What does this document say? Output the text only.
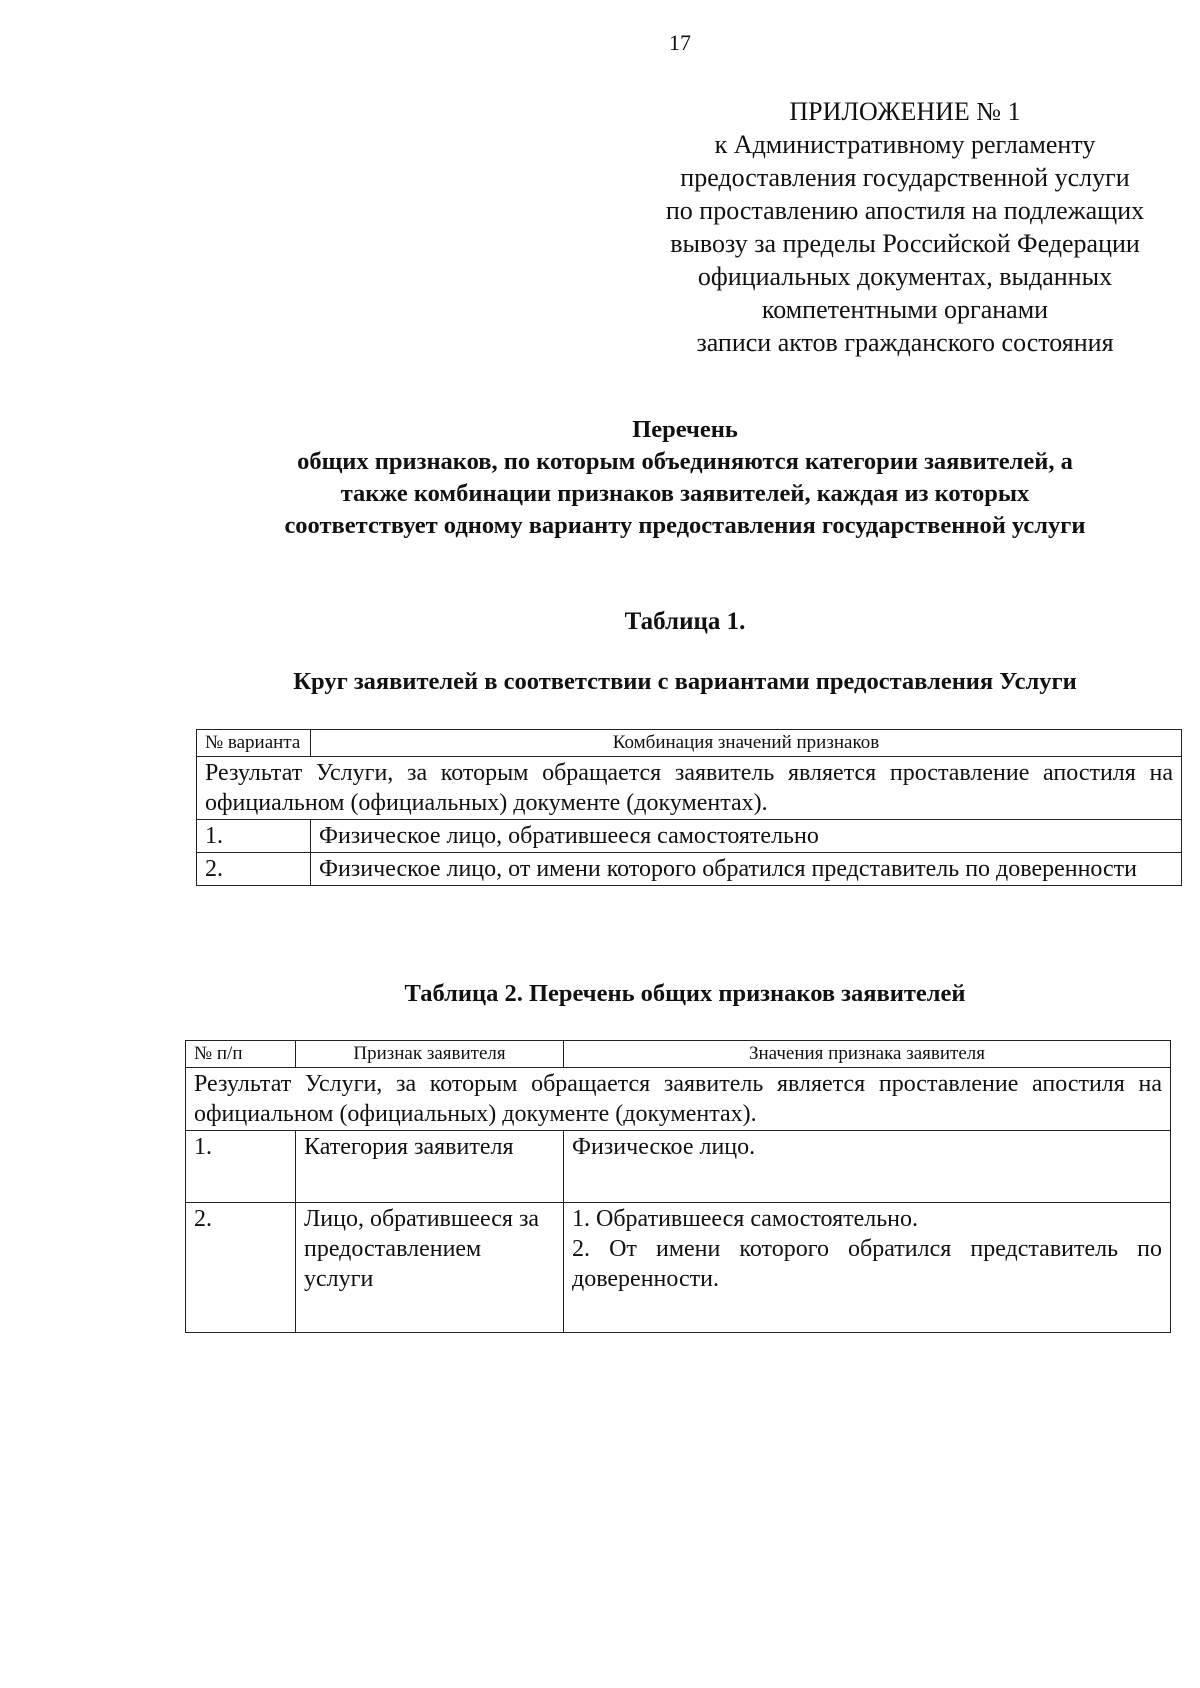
17
ПРИЛОЖЕНИЕ № 1
к Административному регламенту
предоставления государственной услуги
по проставлению апостиля на подлежащих
вывозу за пределы Российской Федерации
официальных документах, выданных
компетентными органами
записи актов гражданского состояния
Перечень
общих признаков, по которым объединяются категории заявителей, а
также комбинации признаков заявителей, каждая из которых
соответствует одному варианту предоставления государственной услуги
Таблица 1.
Круг заявителей в соответствии с вариантами предоставления Услуги
№ варианта	Комбинация значений признаков
Результат Услуги, за которым обращается заявитель является проставление апостиля на официальном (официальных) документе (документах).	
1.	Физическое лицо, обратившееся самостоятельно
2.	Физическое лицо, от имени которого обратился представитель по доверенности
Таблица 2. Перечень общих признаков заявителей
№ п/п	Признак заявителя	Значения признака заявителя
Результат Услуги, за которым обращается заявитель является проставление апостиля на официальном (официальных) документе (документах).		
1.	Категория заявителя	Физическое лицо.

2.	Лицо, обратившееся за предоставлением услуги	1. Обратившееся самостоятельно.
2. От имени которого обратился представитель по доверенности.
